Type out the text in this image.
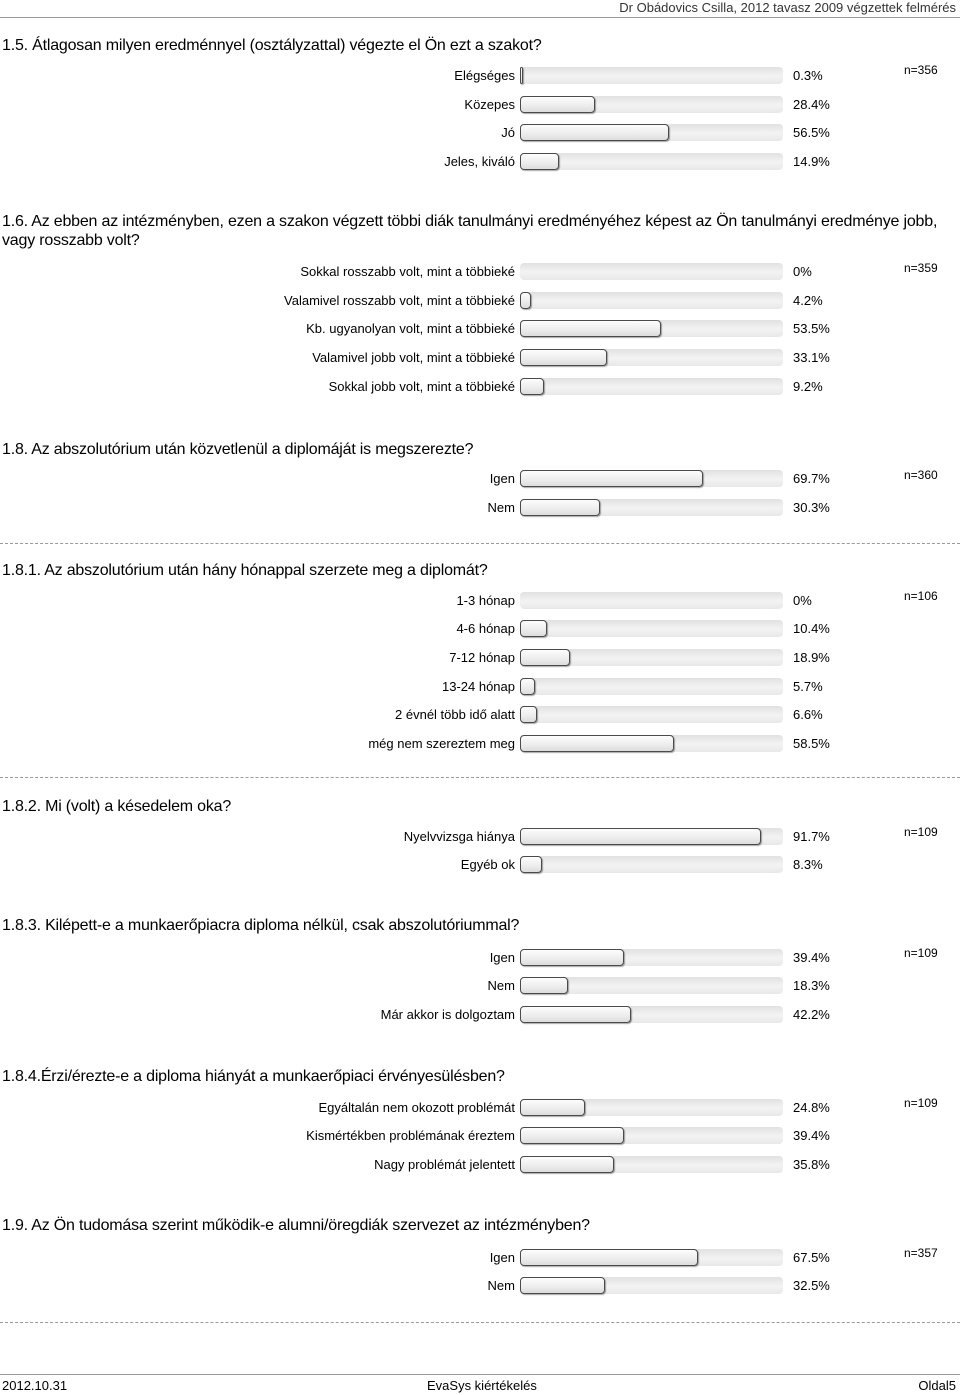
Dr Obádovics Csilla, 2012 tavasz 2009 végzettek felmérés
1.5. Átlagosan milyen eredménnyel (osztályzattal) végezte el Ön ezt a szakot?
n=356
Elégséges	0.3%
Közepes	28.4%
Jó	56.5%
Jeles, kiváló	14.9%
1.6. Az ebben az intézményben, ezen a szakon végzett többi diák tanulmányi eredményéhez képest az Ön tanulmányi eredménye jobb, vagy rosszabb volt?
n=359
Sokkal rosszabb volt, mint a többieké	0%
Valamivel rosszabb volt, mint a többieké	4.2%
Kb. ugyanolyan volt, mint a többieké	53.5%
Valamivel jobb volt, mint a többieké	33.1%
Sokkal jobb volt, mint a többieké	9.2%
1.8. Az abszolutórium után közvetlenül a diplomáját is megszerezte?
n=360
Igen	69.7%
Nem	30.3%
1.8.1. Az abszolutórium után hány hónappal szerzete meg a diplomát?
n=106
1-3 hónap	0%
4-6 hónap	10.4%
7-12 hónap	18.9%
13-24 hónap	5.7%
2 évnél több idő alatt	6.6%
még nem szereztem meg	58.5%
1.8.2. Mi (volt) a késedelem oka?
n=109
Nyelvvizsga hiánya	91.7%
Egyéb ok	8.3%
1.8.3. Kilépett-e a munkaerőpiacra diploma nélkül, csak abszolutóriummal?
n=109
Igen	39.4%
Nem	18.3%
Már akkor is dolgoztam	42.2%
1.8.4.Érzi/érezte-e a diploma hiányát a munkaerőpiaci érvényesülésben?
n=109
Egyáltalán nem okozott problémát	24.8%
Kismértékben problémának éreztem	39.4%
Nagy problémát jelentett	35.8%
1.9. Az Ön tudomása szerint működik-e alumni/öregdiák szervezet az intézményben?
n=357
Igen	67.5%
Nem	32.5%
2012.10.31	EvaSys kiértékelés	Oldal5
